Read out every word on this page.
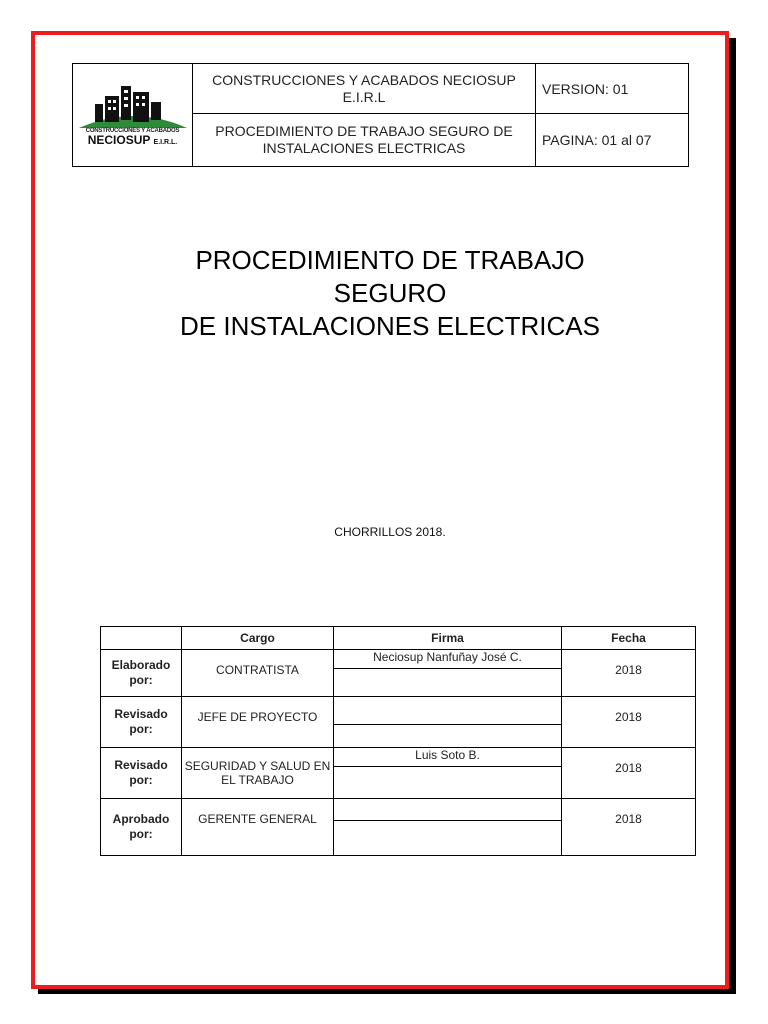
CONSTRUCCIONES Y ACABADOS
NECIOSUP E.I.R.L.	CONSTRUCCIONES Y ACABADOS NECIOSUP E.I.R.L	VERSION: 01
	PROCEDIMIENTO DE TRABAJO SEGURO DE INSTALACIONES ELECTRICAS	PAGINA: 01 al 07
PROCEDIMIENTO DE TRABAJO
SEGURO
DE INSTALACIONES ELECTRICAS
CHORRILLOS 2018.
	Cargo	Firma	Fecha

Elaborado
por:	CONTRATISTA	Neciosup Nanfuñay José C.	2018

Revisado
por:	JEFE DE PROYECTO		2018

Revisado
por:	SEGURIDAD Y SALUD EN EL TRABAJO	Luis Soto B.	2018

Aprobado
por:	GERENTE GENERAL		2018
